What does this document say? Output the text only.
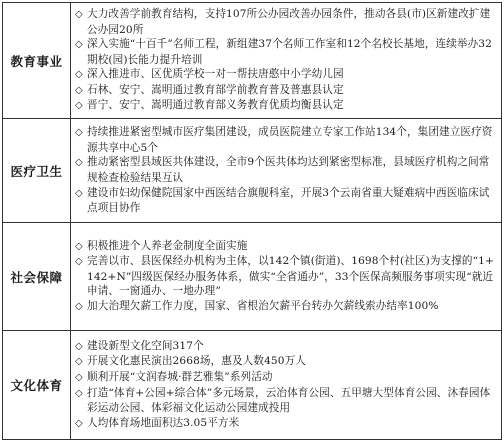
教育事业	◇ 大力改善学前教育结构，支持107所公办园改善办园条件，推动各县(市)区新建改扩建公办园20所
◇ 深入实施“十百千”名师工程，新组建37个名师工作室和12个名校长基地，连续举办32期校(园)长能力提升培训
◇ 深入推进市、区优质学校一对一帮扶唐憨中小学幼儿园
◇ 石林、安宁、嵩明通过教育部学前教育普及普惠县认定
◇ 晋宁、安宁、嵩明通过教育部义务教育优质均衡县认定

医疗卫生	◇ 持续推进紧密型城市医疗集团建设，成员医院建立专家工作站134个，集团建立医疗资源共享中心5个
◇ 推动紧密型县域医共体建设，全市9个医共体均达到紧密型标准，县域医疗机构之间常规检查检验结果互认
◇ 建设市妇幼保健院国家中西医结合旗舰科室，开展3个云南省重大疑难病中西医临床试点项目协作

社会保障	◇ 积极推进个人养老金制度全面实施
◇ 完善以市、县医保经办机构为主体，以142个镇(街道)、1698个村(社区)为支撑的“1+142+N”四级医保经办服务体系，做实“全省通办”，33个医保高频服务事项实现“就近申请、一窗通办、一地办理”
◇ 加大治理欠薪工作力度，国家、省根治欠薪平台转办欠薪线索办结率100%

文化体育	◇ 建设新型文化空间317个
◇ 开展文化惠民演出2668场，惠及人数450万人
◇ 顺利开展“文润春城·群艺雅集”系列活动
◇ 打造“体育+公园+综合体”多元场景，云冶体育公园、五甲塘大型体育公园、沐春园体彩运动公园、体彩福文化运动公园建成投用
◇ 人均体育场地面积达3.05平方米
